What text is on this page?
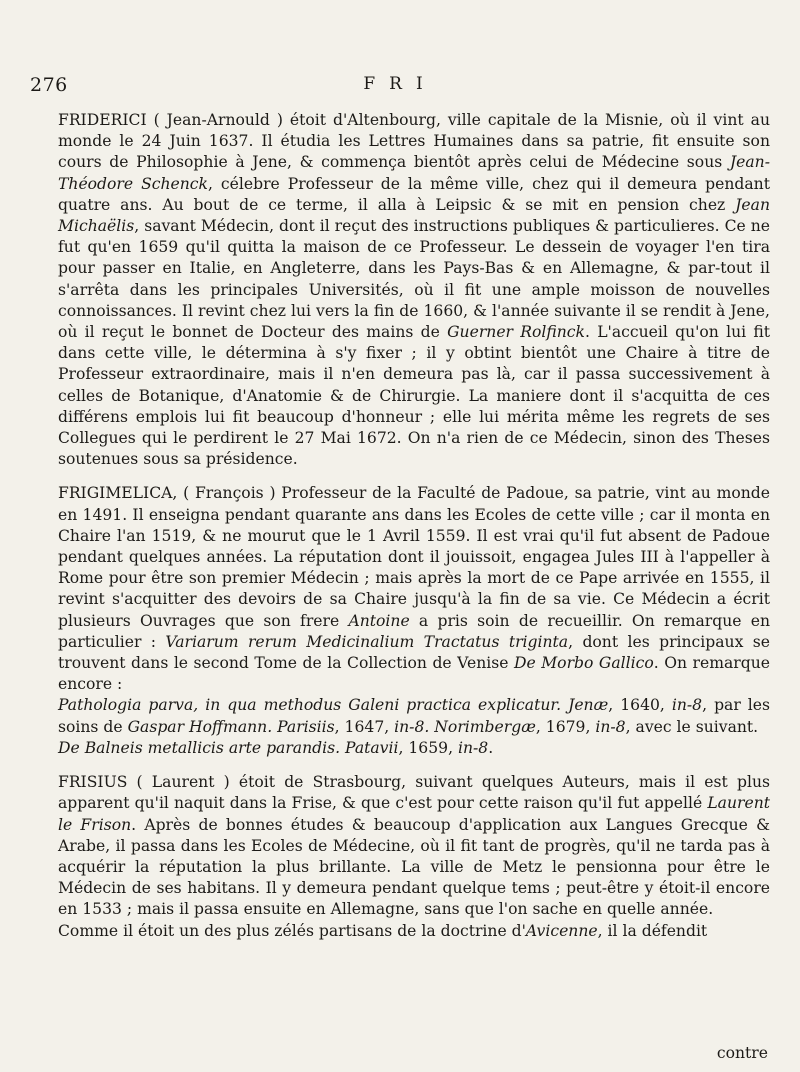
276	FRI

FRIDERICI ( Jean-Arnould ) étoit d'Altenbourg, ville capitale de la Misnie, où il vint au monde le 24 Juin 1637. Il étudia les Lettres Humaines dans sa patrie, fit ensuite son cours de Philosophie à Jene, & commença bientôt après celui de Médecine sous Jean-Théodore Schenck, célebre Professeur de la même ville, chez qui il demeura pendant quatre ans. Au bout de ce terme, il alla à Leipsic & se mit en pension chez Jean Michaëlis, savant Médecin, dont il reçut des instructions publiques & particulieres. Ce ne fut qu'en 1659 qu'il quitta la maison de ce Professeur. Le dessein de voyager l'en tira pour passer en Italie, en Angleterre, dans les Pays-Bas & en Allemagne, & par-tout il s'arrêta dans les principales Universités, où il fit une ample moisson de nouvelles connoissances. Il revint chez lui vers la fin de 1660, & l'année suivante il se rendit à Jene, où il reçut le bonnet de Docteur des mains de Guerner Rolfinck. L'accueil qu'on lui fit dans cette ville, le détermina à s'y fixer ; il y obtint bientôt une Chaire à titre de Professeur extraordinaire, mais il n'en demeura pas là, car il passa successivement à celles de Botanique, d'Anatomie & de Chirurgie. La maniere dont il s'acquitta de ces différens emplois lui fit beaucoup d'honneur ; elle lui mérita même les regrets de ses Collegues qui le perdirent le 27 Mai 1672. On n'a rien de ce Médecin, sinon des Theses soutenues sous sa présidence.

FRIGIMELICA, ( François ) Professeur de la Faculté de Padoue, sa patrie, vint au monde en 1491. Il enseigna pendant quarante ans dans les Ecoles de cette ville ; car il monta en Chaire l'an 1519, & ne mourut que le 1 Avril 1559. Il est vrai qu'il fut absent de Padoue pendant quelques années. La réputation dont il jouissoit, engagea Jules III à l'appeller à Rome pour être son premier Médecin ; mais après la mort de ce Pape arrivée en 1555, il revint s'acquitter des devoirs de sa Chaire jusqu'à la fin de sa vie. Ce Médecin a écrit plusieurs Ouvrages que son frere Antoine a pris soin de recueillir. On remarque en particulier : Variarum rerum Medicinalium Tractatus triginta, dont les principaux se trouvent dans le second Tome de la Collection de Venise De Morbo Gallico. On remarque encore :

Pathologia parva, in qua methodus Galeni practica explicatur. Jenæ, 1640, in-8, par les soins de Gaspar Hoffmann. Parisiis, 1647, in-8. Norimbergæ, 1679, in-8, avec le suivant.

De Balneis metallicis arte parandis. Patavii, 1659, in-8.

FRISIUS ( Laurent ) étoit de Strasbourg, suivant quelques Auteurs, mais il est plus apparent qu'il naquit dans la Frise, & que c'est pour cette raison qu'il fut appellé Laurent le Frison. Après de bonnes études & beaucoup d'application aux Langues Grecque & Arabe, il passa dans les Ecoles de Médecine, où il fit tant de progrès, qu'il ne tarda pas à acquérir la réputation la plus brillante. La ville de Metz le pensionna pour être le Médecin de ses habitans. Il y demeura pendant quelque tems ; peut-être y étoit-il encore en 1533 ; mais il passa ensuite en Allemagne, sans que l'on sache en quelle année.

Comme il étoit un des plus zélés partisans de la doctrine d'Avicenne, il la défendit

contre
